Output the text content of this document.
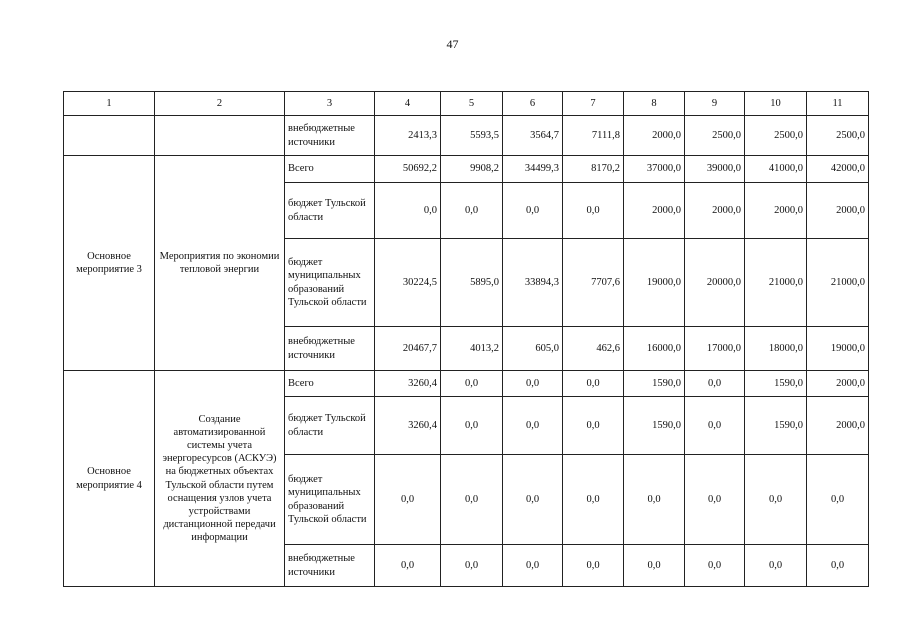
47
1	2	3	4	5	6	7	8	9	10	11
		внебюджетные источники	2413,3	5593,5	3564,7	7111,8	2000,0	2500,0	2500,0	2500,0
Основное мероприятие 3	Мероприятия по экономии тепловой энергии	Всего	50692,2	9908,2	34499,3	8170,2	37000,0	39000,0	41000,0	42000,0
		бюджет Тульской области	0,0	0,0	0,0	0,0	2000,0	2000,0	2000,0	2000,0
		бюджет муниципальных образований Тульской области	30224,5	5895,0	33894,3	7707,6	19000,0	20000,0	21000,0	21000,0
		внебюджетные источники	20467,7	4013,2	605,0	462,6	16000,0	17000,0	18000,0	19000,0
Основное мероприятие 4	Создание автоматизированной системы учета энергоресурсов (АСКУЭ) на бюджетных объектах Тульской области путем оснащения узлов учета устройствами дистанционной передачи информации	Всего	3260,4	0,0	0,0	0,0	1590,0	0,0	1590,0	2000,0
		бюджет Тульской области	3260,4	0,0	0,0	0,0	1590,0	0,0	1590,0	2000,0
		бюджет муниципальных образований Тульской области	0,0	0,0	0,0	0,0	0,0	0,0	0,0	0,0
		внебюджетные источники	0,0	0,0	0,0	0,0	0,0	0,0	0,0	0,0
